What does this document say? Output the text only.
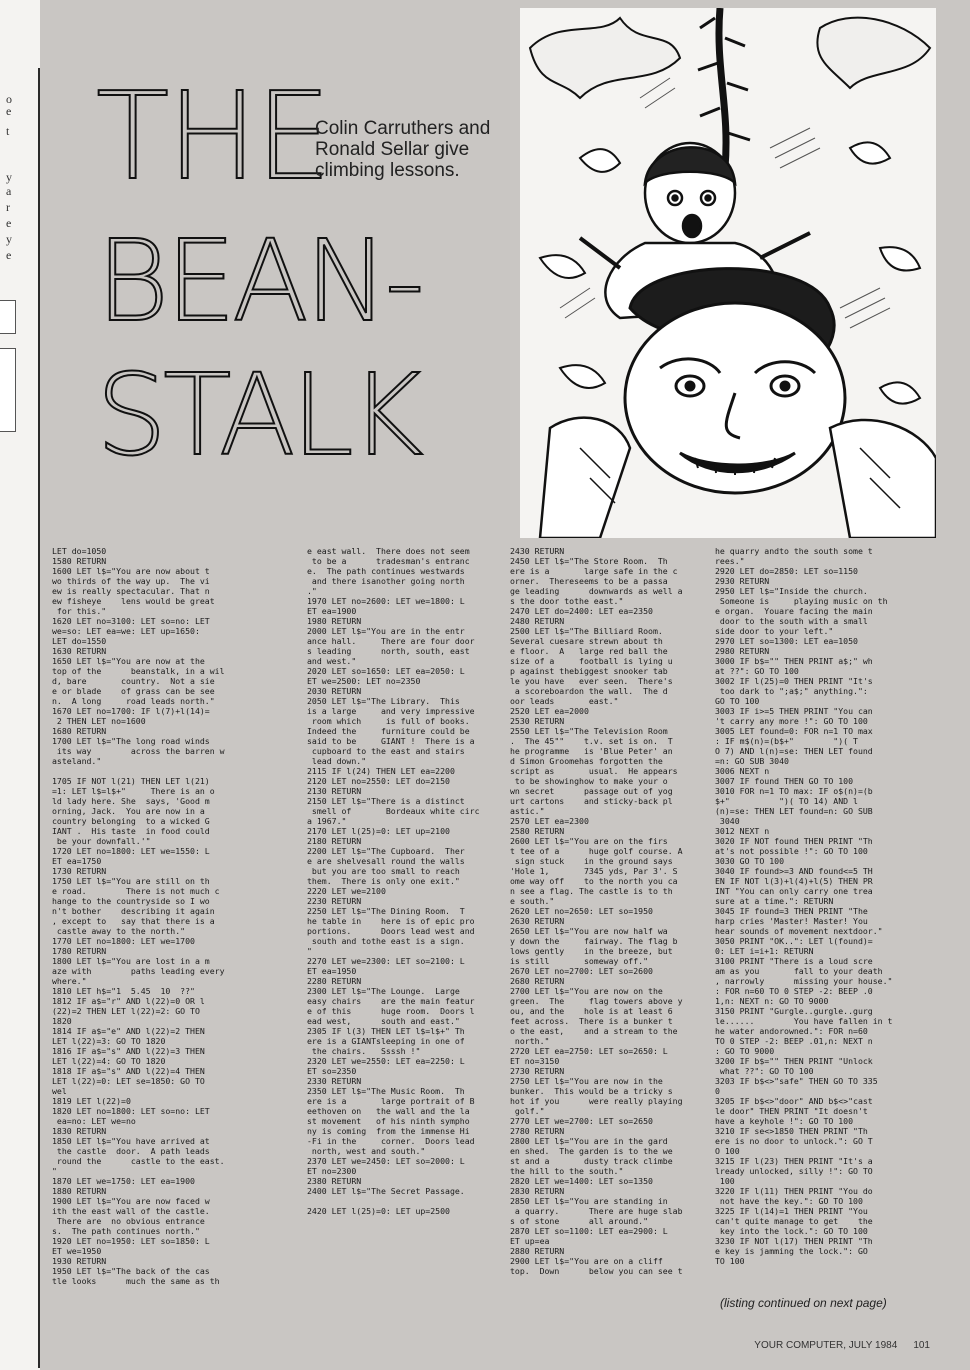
o
e
t
y
a
r
e
y
e
THE
BEAN-
STALK
Colin Carruthers and Ronald Sellar give climbing lessons.
LET do=1050
1580 RETURN
1600 LET l$="You are now about t
wo thirds of the way up.  The vi
ew is really spectacular. That n
ew fisheye    lens would be great
for this."
1620 LET no=3100: LET so=no: LET
we=so: LET ea=we: LET up=1650:
LET do=1550
1630 RETURN
1650 LET l$="You are now at the
top of the      beanstalk, in a wil
d, bare       country.  Not a sie
e or blade    of grass can be see
n.  A long     road leads north."
1670 LET no=1700: IF l(7)+l(14)=
2 THEN LET no=1600
1680 RETURN
1700 LET l$="The long road winds
its way        across the barren w
asteland."

1705 IF NOT l(21) THEN LET l(21)
=1: LET l$=l$+"     There is an o
ld lady here. She  says, 'Good m
orning, Jack.  You are now in a
country belonging  to a wicked G
IANT .  His taste  in food could
be your downfall.'"
1720 LET no=1800: LET we=1550: L
ET ea=1750
1730 RETURN
1750 LET l$="You are still on th
e road.        There is not much c
hange to the countryside so I wo
n't bother    describing it again
, except to   say that there is a
castle away to the north."
1770 LET no=1800: LET we=1700
1780 RETURN
1800 LET l$="You are lost in a m
aze with        paths leading every
where."
1810 LET h$="1  5.45  10  ??"
1812 IF a$="r" AND l(22)=0 OR l
(22)=2 THEN LET l(22)=2: GO TO
1820
1814 IF a$="e" AND l(22)=2 THEN
LET l(22)=3: GO TO 1820
1816 IF a$="s" AND l(22)=3 THEN
LET l(22)=4: GO TO 1820
1818 IF a$="s" AND l(22)=4 THEN
LET l(22)=0: LET se=1850: GO TO
wel
1819 LET l(22)=0
1820 LET no=1800: LET so=no: LET
ea=no: LET we=no
1830 RETURN
1850 LET l$="You have arrived at
the castle  door.  A path leads
round the      castle to the east.
"
1870 LET we=1750: LET ea=1900
1880 RETURN
1900 LET l$="You are now faced w
ith the east wall of the castle.
There are  no obvious entrance
s.  The path continues north."
1920 LET no=1950: LET so=1850: L
ET we=1950
1930 RETURN
1950 LET l$="The back of the cas
tle looks      much the same as th
e east wall.  There does not seem
to be a      tradesman's entranc
e.  The path continues westwards
and there isanother going north
."
1970 LET no=2600: LET we=1800: L
ET ea=1900
1980 RETURN
2000 LET l$="You are in the entr
ance hall.     There are four door
s leading      north, south, east
and west."
2020 LET so=1650: LET ea=2050: L
ET we=2500: LET no=2350
2030 RETURN
2050 LET l$="The Library.  This
is a large     and very impressive
room which     is full of books.
Indeed the     furniture could be
said to be     GIANT !  There is a
cupboard to the east and stairs
lead down."
2115 IF l(24) THEN LET ea=2200
2120 LET no=2550: LET do=2150
2130 RETURN
2150 LET l$="There is a distinct
smell of       Bordeaux white circ
a 1967."
2170 LET l(25)=0: LET up=2100
2180 RETURN
2200 LET l$="The Cupboard.  Ther
e are shelvesall round the walls
but you are too small to reach
them.  There is only one exit."
2220 LET we=2100
2230 RETURN
2250 LET l$="The Dining Room.  T
he table in    here is of epic pro
portions.      Doors lead west and
south and tothe east is a sign.
"
2270 LET we=2300: LET so=2100: L
ET ea=1950
2280 RETURN
2300 LET l$="The Lounge.  Large
easy chairs    are the main featur
e of this      huge room.  Doors l
ead west,      south and east."
2305 IF l(3) THEN LET l$=l$+" Th
ere is a GIANTsleeping in one of
the chairs.   Ssssh !"
2320 LET we=2550: LET ea=2250: L
ET so=2350
2330 RETURN
2350 LET l$="The Music Room.  Th
ere is a       large portrait of B
eethoven on   the wall and the la
st movement   of his ninth sympho
ny is coming  from the immense Hi
-Fi in the     corner.  Doors lead
north, west and south."
2370 LET we=2450: LET so=2000: L
ET no=2300
2380 RETURN
2400 LET l$="The Secret Passage.

2420 LET l(25)=0: LET up=2500
2430 RETURN
2450 LET l$="The Store Room.  Th
ere is a       large safe in the c
orner.  Thereseems to be a passa
ge leading      downwards as well a
s the door tothe east."
2470 LET do=2400: LET ea=2350
2480 RETURN
2500 LET l$="The Billiard Room.
Several cuesare strewn about th
e floor.  A   large red ball the
size of a     football is lying u
p against thebiggest snooker tab
le you have   ever seen.  There's
a scoreboardon the wall.  The d
oor leads       east."
2520 LET ea=2000
2530 RETURN
2550 LET l$="The Television Room
.  The 45""    t.v. set is on.  T
he programme   is 'Blue Peter' an
d Simon Groomehas forgotten the
script as       usual.  He appears
to be showinghow to make your o
wn secret      passage out of yog
urt cartons    and sticky-back pl
astic."
2570 LET ea=2300
2580 RETURN
2600 LET l$="You are on the firs
t tee of a      huge golf course. A
sign stuck    in the ground says
'Hole 1,       7345 yds, Par 3'. S
ome way off    to the north you ca
n see a flag. The castle is to th
e south."
2620 LET no=2650: LET so=1950
2630 RETURN
2650 LET l$="You are now half wa
y down the     fairway. The flag b
lows gently    in the breeze, but
is still       someway off."
2670 LET no=2700: LET so=2600
2680 RETURN
2700 LET l$="You are now on the
green.  The     flag towers above y
ou, and the    hole is at least 6
feet across.  There is a bunker t
o the east,    and a stream to the
north."
2720 LET ea=2750: LET so=2650: L
ET no=3150
2730 RETURN
2750 LET l$="You are now in the
bunker.  This would be a tricky s
hot if you      were really playing
golf."
2770 LET we=2700: LET so=2650
2780 RETURN
2800 LET l$="You are in the gard
en shed.  The garden is to the we
st and a       dusty track climbe
the hill to the south."
2820 LET we=1400: LET so=1350
2830 RETURN
2850 LET l$="You are standing in
a quarry.      There are huge slab
s of stone      all around."
2870 LET so=1100: LET ea=2900: L
ET up=ea
2880 RETURN
2900 LET l$="You are on a cliff
top.  Down      below you can see t
he quarry andto the south some t
rees."
2920 LET do=2850: LET so=1150
2930 RETURN
2950 LET l$="Inside the church.
Someone is     playing music on th
e organ.  Youare facing the main
door to the south with a small
side door to your left."
2970 LET so=1300: LET ea=1050
2980 RETURN
3000 IF b$="" THEN PRINT a$;" wh
at ??": GO TO 100
3002 IF l(25)=0 THEN PRINT "It's
too dark to ";a$;" anything.":
GO TO 100
3003 IF i>=5 THEN PRINT "You can
't carry any more !": GO TO 100
3005 LET found=0: FOR n=1 TO max
: IF m$(n)=(b$+"        ")( T
O 7) AND l(n)=se: THEN LET found
=n: GO SUB 3040
3006 NEXT n
3007 IF found THEN GO TO 100
3010 FOR n=1 TO max: IF o$(n)=(b
$+"          ")( TO 14) AND l
(n)=se: THEN LET found=n: GO SUB
3040
3012 NEXT n
3020 IF NOT found THEN PRINT "Th
at's not possible !": GO TO 100
3030 GO TO 100
3040 IF found>=3 AND found<=5 TH
EN IF NOT l(3)+l(4)+l(5) THEN PR
INT "You can only carry one trea
sure at a time.": RETURN
3045 IF found=3 THEN PRINT "The
harp cries 'Master! Master! You
hear sounds of movement nextdoor."
3050 PRINT "OK..": LET l(found)=
0: LET i=i+1: RETURN
3100 PRINT "There is a loud scre
am as you       fall to your death
, narrowly      missing your house."
: FOR n=60 TO 0 STEP -2: BEEP .0
1,n: NEXT n: GO TO 9000
3150 PRINT "Gurgle..gurgle..gurg
le......        You have fallen in t
he water andorowned.": FOR n=60
TO 0 STEP -2: BEEP .01,n: NEXT n
: GO TO 9000
3200 IF b$="" THEN PRINT "Unlock
what ??": GO TO 100
3203 IF b$<>"safe" THEN GO TO 335
0
3205 IF b$<>"door" AND b$<>"cast
le door" THEN PRINT "It doesn't
have a keyhole !": GO TO 100
3210 IF se<>1850 THEN PRINT "Th
ere is no door to unlock.": GO T
O 100
3215 IF l(23) THEN PRINT "It's a
lready unlocked, silly !": GO TO
100
3220 IF l(11) THEN PRINT "You do
not have the key.": GO TO 100
3225 IF l(14)=1 THEN PRINT "You
can't quite manage to get    the
key into the lock.": GO TO 100
3230 IF NOT l(17) THEN PRINT "Th
e key is jamming the lock.": GO
TO 100
(listing continued on next page)
YOUR COMPUTER, JULY 1984 101
